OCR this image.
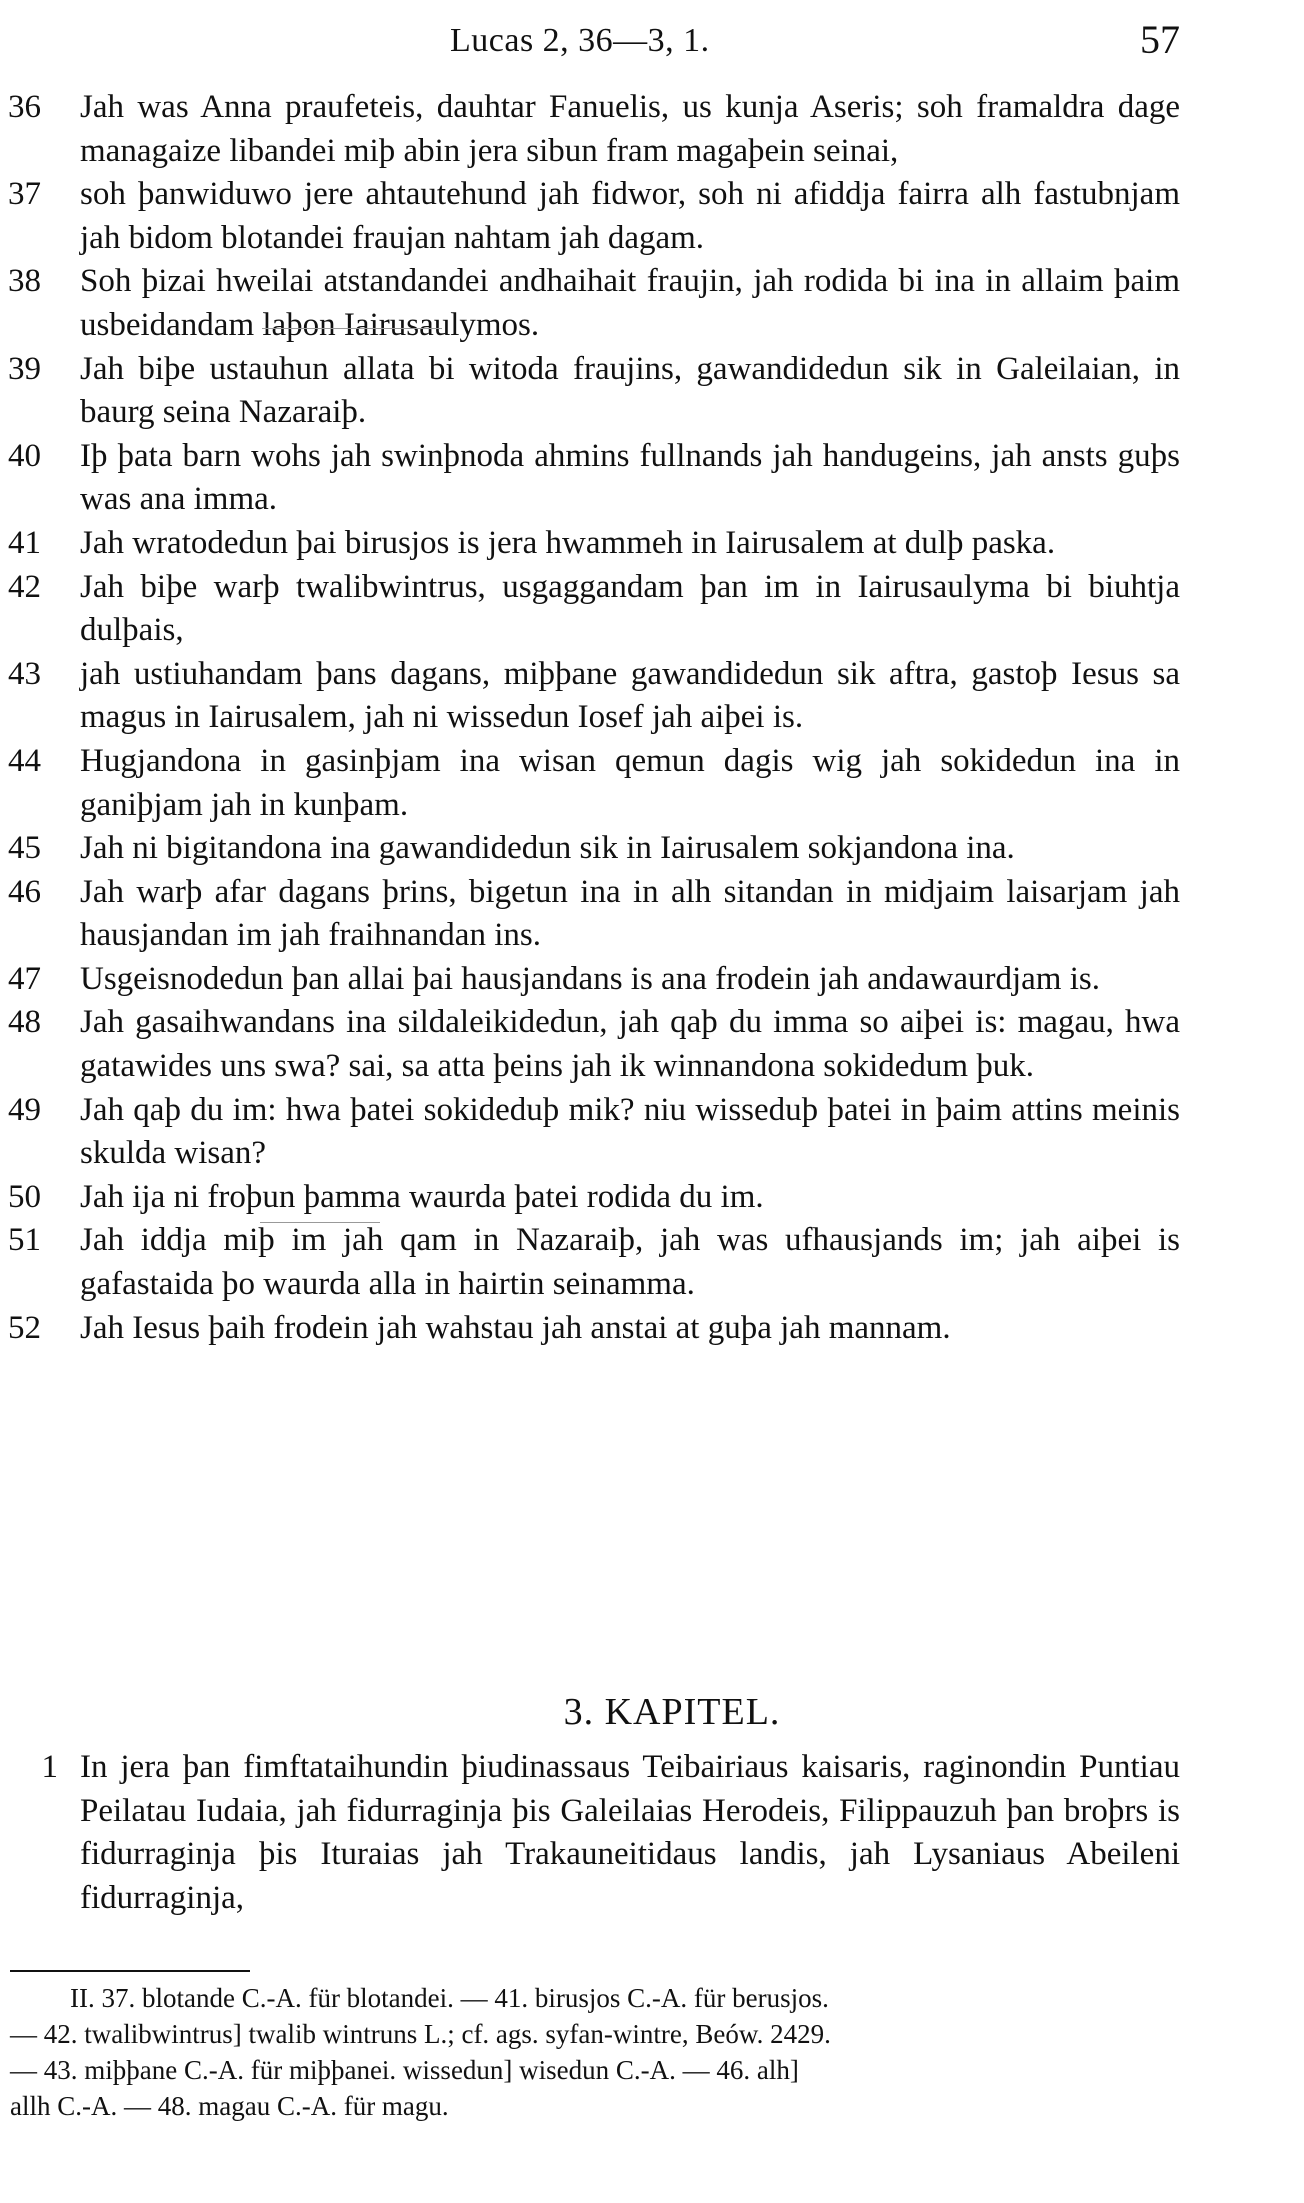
Lucas 2, 36—3, 1.	57
36	Jah was Anna praufeteis, dauhtar Fanuelis, us kunja Aseris; soh framaldra dage managaize libandei miþ abin jera sibun fram magaþein seinai,
37	soh þanwiduwo jere ahtautehund jah fidwor, soh ni afiddja fairra alh fastubnjam jah bidom blotandei fraujan nahtam jah dagam.
38	Soh þizai hweilai atstandandei andhaihait fraujin, jah rodida bi ina in allaim þaim usbeidandam laþon Iairusaulymos.
39	Jah biþe ustauhun allata bi witoda fraujins, gawandidedun sik in Galeilaian, in baurg seina Nazaraiþ.
40	Iþ þata barn wohs jah swinþnoda ahmins fullnands jah handugeins, jah ansts guþs was ana imma.
41	Jah wratodedun þai birusjos is jera hwammeh in Iairusalem at dulþ paska.
42	Jah biþe warþ twalibwintrus, usgaggandam þan im in Iairusaulyma bi biuhtja dulþais,
43	jah ustiuhandam þans dagans, miþþane gawandidedun sik aftra, gastoþ Iesus sa magus in Iairusalem, jah ni wissedun Iosef jah aiþei is.
44	Hugjandona in gasinþjam ina wisan qemun dagis wig jah sokidedun ina in ganiþjam jah in kunþam.
45	Jah ni bigitandona ina gawandidedun sik in Iairusalem sokjandona ina.
46	Jah warþ afar dagans þrins, bigetun ina in alh sitandan in midjaim laisarjam jah hausjandan im jah fraihnandan ins.
47	Usgeisnodedun þan allai þai hausjandans is ana frodein jah andawaurdjam is.
48	Jah gasaihwandans ina sildaleikidedun, jah qaþ du imma so aiþei is: magau, hwa gatawides uns swa? sai, sa atta þeins jah ik winnandona sokidedum þuk.
49	Jah qaþ du im: hwa þatei sokideduþ mik? niu wisseduþ þatei in þaim attins meinis skulda wisan?
50	Jah ija ni froþun þamma waurda þatei rodida du im.
51	Jah iddja miþ im jah qam in Nazaraiþ, jah was ufhausjands im; jah aiþei is gafastaida þo waurda alla in hairtin seinamma.
52	Jah Iesus þaih frodein jah wahstau jah anstai at guþa jah mannam.
3. KAPITEL.
1 In jera þan fimftataihundin þiudinassaus Teibairiaus kaisaris, raginondin Puntiau Peilatau Iudaia, jah fidurraginja þis Galeilaias Herodeis, Filippauzuh þan broþrs is fidurraginja þis Ituraias jah Trakauneitidaus landis, jah Lysaniaus Abeileni fidurraginja,
II. 37. blotande C.-A. für blotandei. — 41. birusjos C.-A. für berusjos.
— 42. twalibwintrus] twalib wintruns L.; cf. ags. syfan-wintre, Beów. 2429.
— 43. miþþane C.-A. für miþþanei. wissedun] wisedun C.-A. — 46. alh]
allh C.-A. — 48. magau C.-A. für magu.
